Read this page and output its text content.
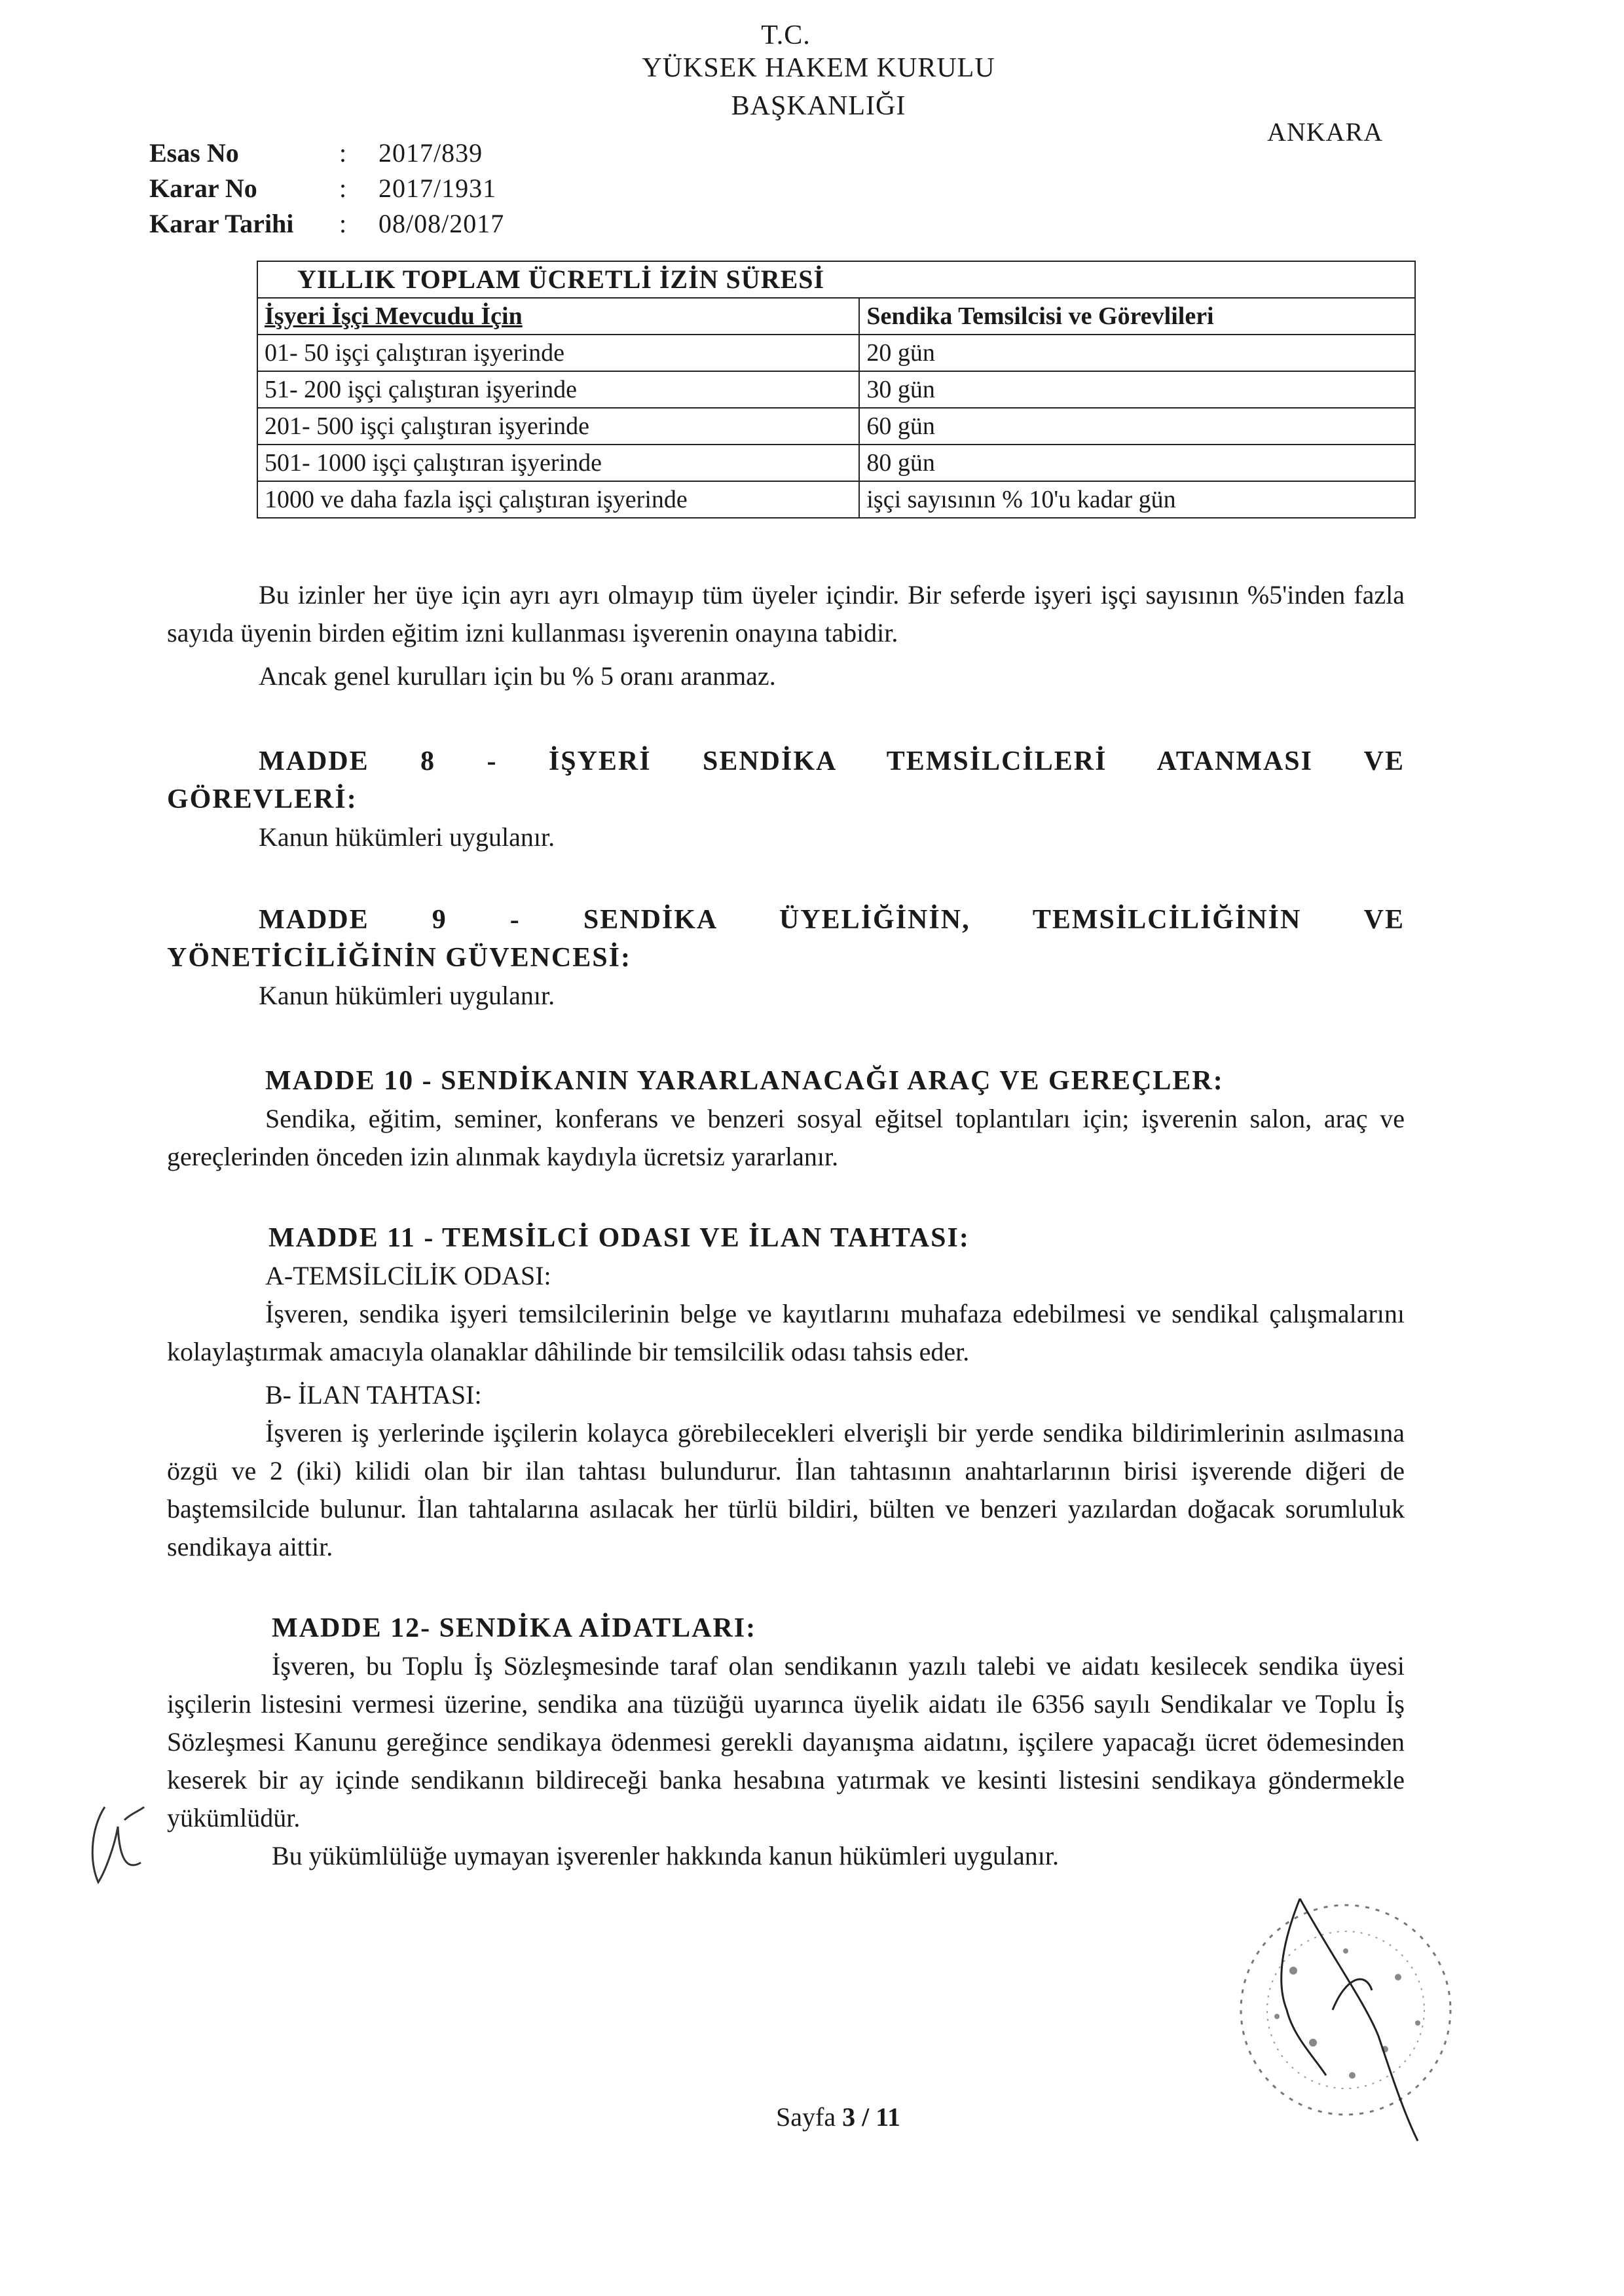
T.C.
YÜKSEK HAKEM KURULU
BAŞKANLIĞI
ANKARA
Esas No	:	2017/839
Karar No	:	2017/1931
Karar Tarihi	:	08/08/2017
YILLIK TOPLAM ÜCRETLİ İZİN SÜRESİ	
İşyeri İşçi Mevcudu İçin	Sendika Temsilcisi ve Görevlileri
01- 50 işçi çalıştıran işyerinde	20 gün
51- 200 işçi çalıştıran işyerinde	30 gün
201- 500 işçi çalıştıran işyerinde	60 gün
501- 1000 işçi çalıştıran işyerinde	80 gün
1000 ve daha fazla işçi çalıştıran işyerinde	işçi sayısının % 10'u kadar gün
Bu izinler her üye için ayrı ayrı olmayıp tüm üyeler içindir. Bir seferde işyeri işçi sayısının %5'inden fazla sayıda üyenin birden eğitim izni kullanması işverenin onayına tabidir.
Ancak genel kurulları için bu % 5 oranı aranmaz.
MADDE 8 - İŞYERİ SENDİKA TEMSİLCİLERİ ATANMASI VE
GÖREVLERİ:
Kanun hükümleri uygulanır.
MADDE 9 - SENDİKA ÜYELİĞİNİN, TEMSİLCİLİĞİNİN VE
YÖNETİCİLİĞİNİN GÜVENCESİ:
Kanun hükümleri uygulanır.
MADDE 10 - SENDİKANIN YARARLANACAĞI ARAÇ VE GEREÇLER:
Sendika, eğitim, seminer, konferans ve benzeri sosyal eğitsel toplantıları için; işverenin salon, araç ve gereçlerinden önceden izin alınmak kaydıyla ücretsiz yararlanır.
MADDE 11 - TEMSİLCİ ODASI VE İLAN TAHTASI:
A-TEMSİLCİLİK ODASI:
İşveren, sendika işyeri temsilcilerinin belge ve kayıtlarını muhafaza edebilmesi ve sendikal çalışmalarını kolaylaştırmak amacıyla olanaklar dâhilinde bir temsilcilik odası tahsis eder.
B- İLAN TAHTASI:
İşveren iş yerlerinde işçilerin kolayca görebilecekleri elverişli bir yerde sendika bildirimlerinin asılmasına özgü ve 2 (iki) kilidi olan bir ilan tahtası bulundurur. İlan tahtasının anahtarlarının birisi işverende diğeri de baştemsilcide bulunur. İlan tahtalarına asılacak her türlü bildiri, bülten ve benzeri yazılardan doğacak sorumluluk sendikaya aittir.
MADDE 12- SENDİKA AİDATLARI:
İşveren, bu Toplu İş Sözleşmesinde taraf olan sendikanın yazılı talebi ve aidatı kesilecek sendika üyesi işçilerin listesini vermesi üzerine, sendika ana tüzüğü uyarınca üyelik aidatı ile 6356 sayılı Sendikalar ve Toplu İş Sözleşmesi Kanunu gereğince sendikaya ödenmesi gerekli dayanışma aidatını, işçilere yapacağı ücret ödemesinden keserek bir ay içinde sendikanın bildireceği banka hesabına yatırmak ve kesinti listesini sendikaya göndermekle yükümlüdür.
Bu yükümlülüğe uymayan işverenler hakkında kanun hükümleri uygulanır.
Sayfa 3 / 11
